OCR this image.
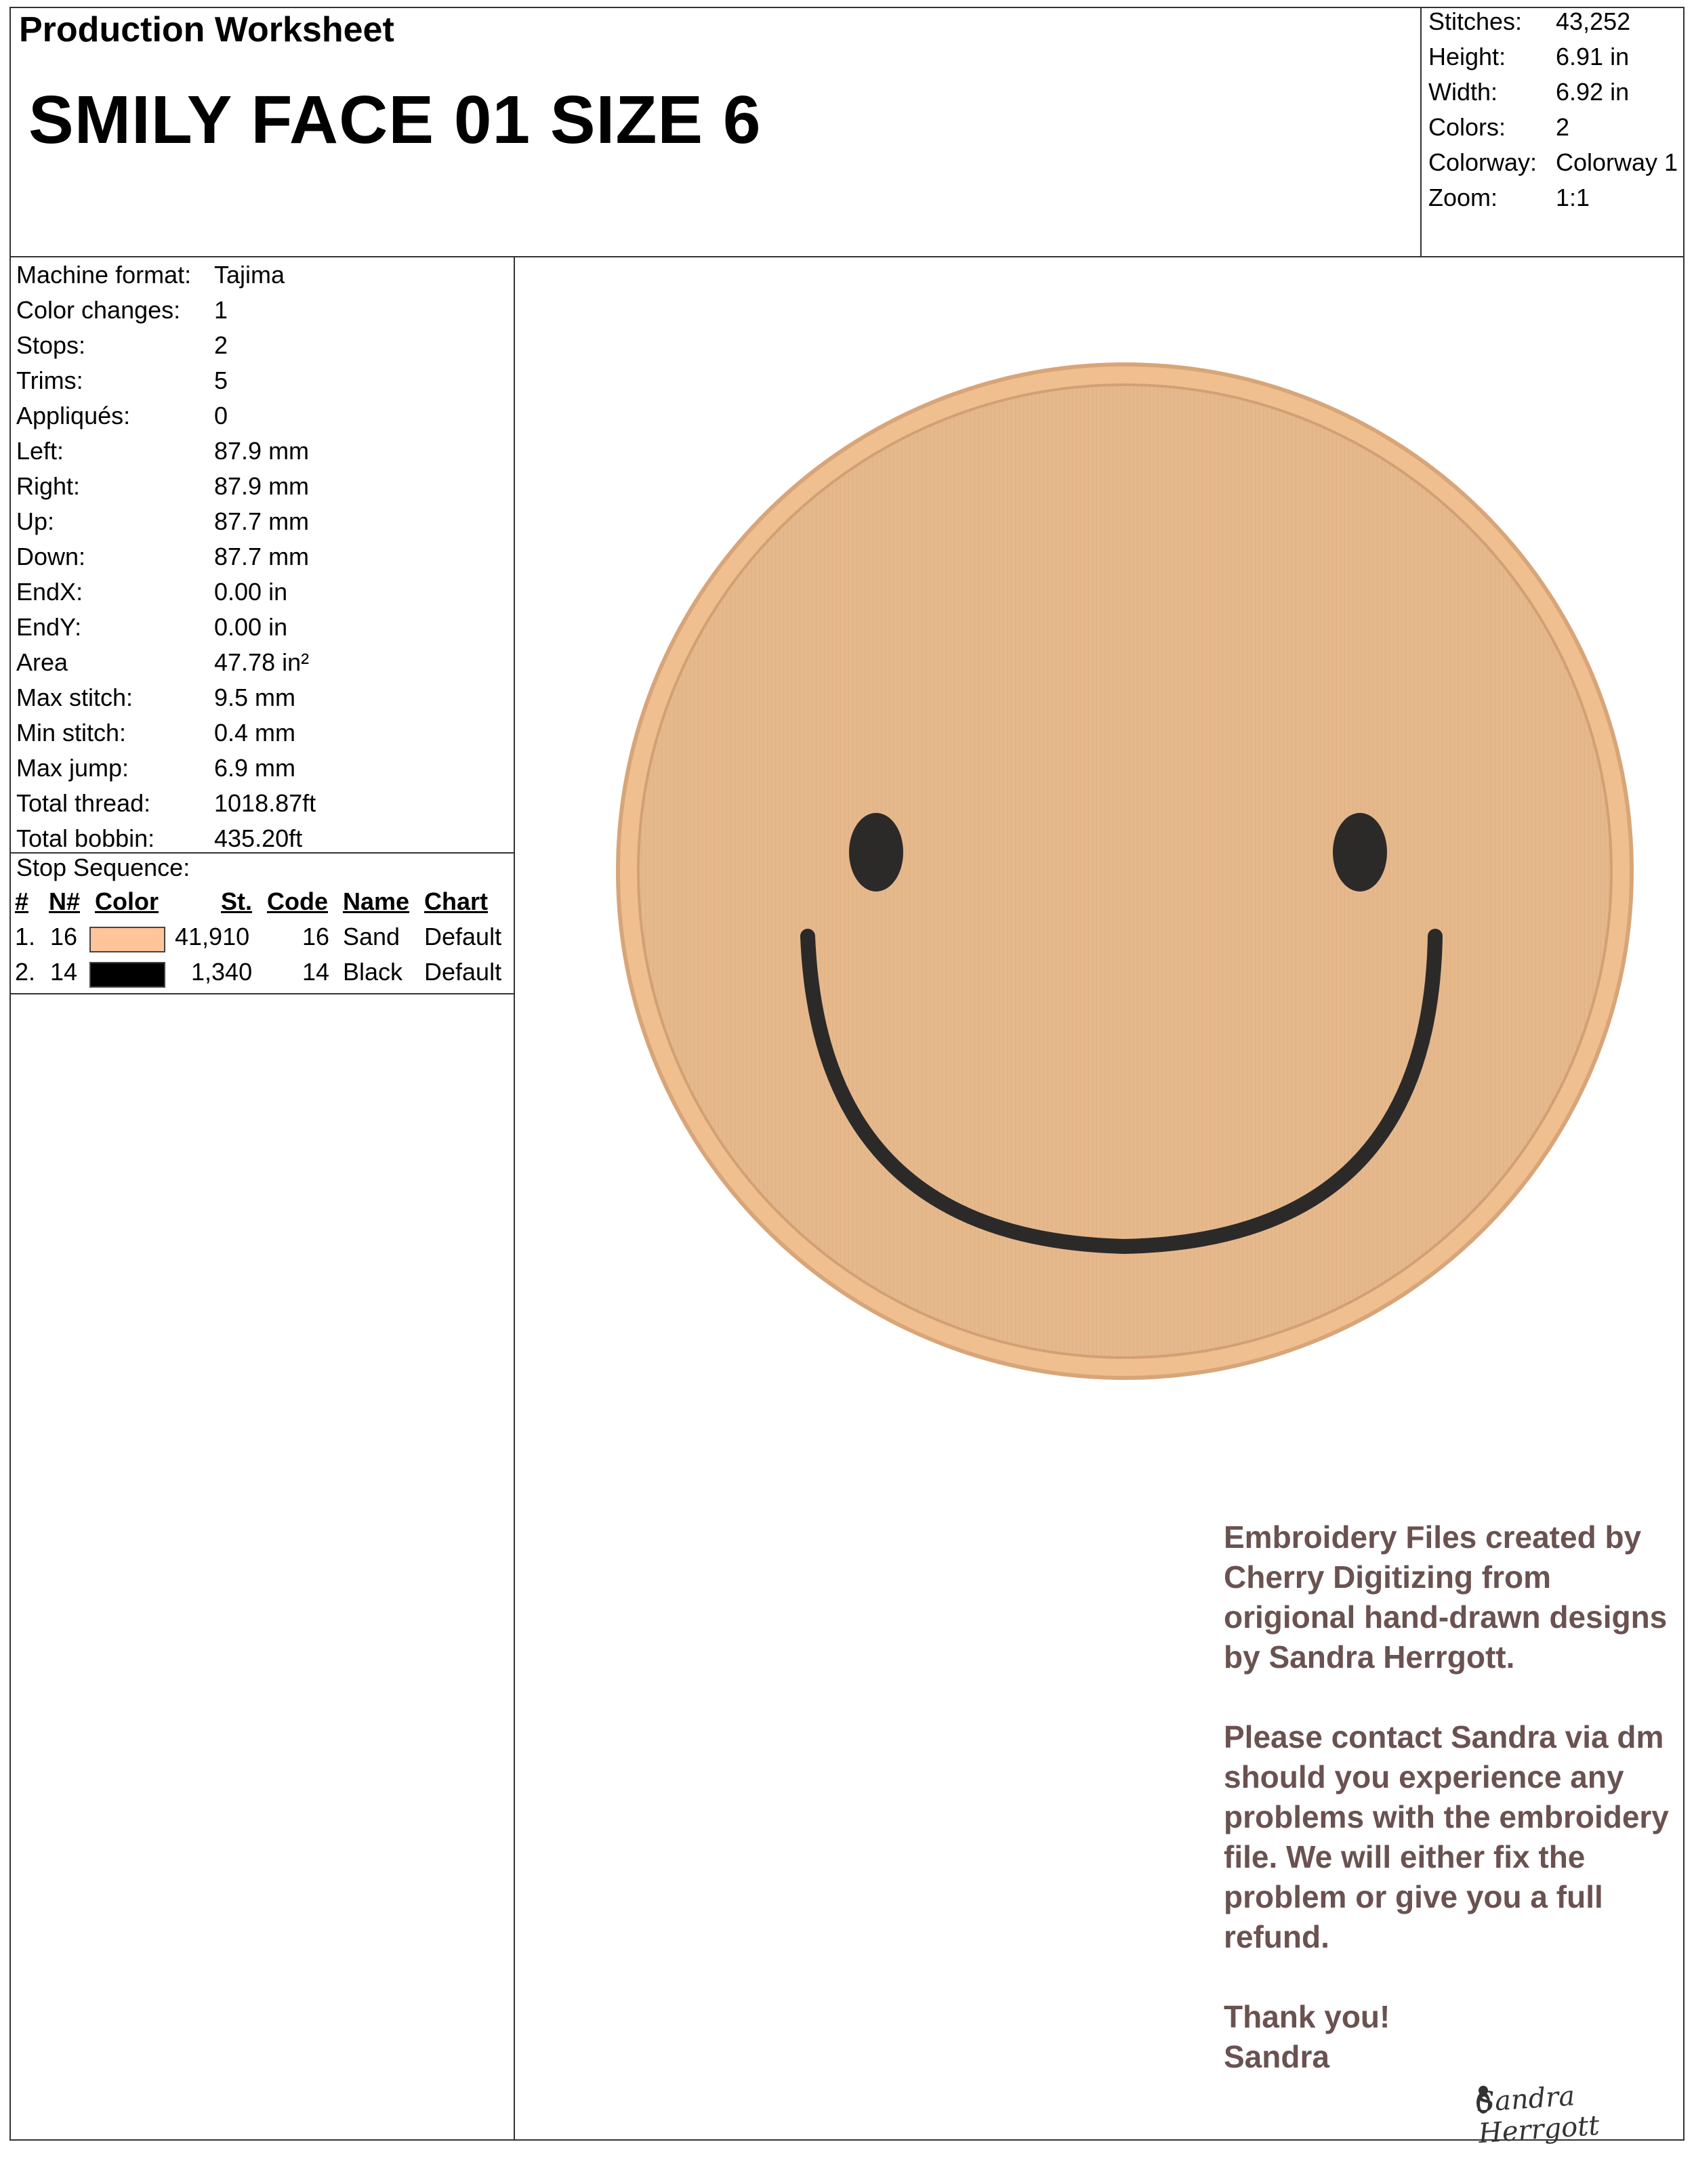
Production Worksheet
SMILY FACE 01 SIZE 6
Stitches: 43,252
Height: 6.91 in
Width: 6.92 in
Colors: 2
Colorway: Colorway 1
Zoom: 1:1
Machine format: Tajima
Color changes: 1
Stops:	2
Trims:	5
Appliqués:	0
Left:	87.9 mm
Right:	87.9 mm
Up:	87.7 mm
Down:	87.7 mm
EndX:	0.00 in
EndY:	0.00 in
Area	47.78 in²
Max stitch:	9.5 mm
Min stitch:	0.4 mm
Max jump:	6.9 mm
Total thread:	1018.87ft
Total bobbin: 435.20ft
Stop Sequence:
# N# Color	St. Code Name Chart
1. 16	41,910 16 Sand Default
2. 14	1,340 14 Black Default

Embroidery Files created by Cherry Digitizing from origional hand-drawn designs by Sandra Herrgott.

Please contact Sandra via dm should you experience any problems with the embroidery file. We will either fix the problem or give you a full refund.

Thank you!
Sandra

Sandra Herrgott
